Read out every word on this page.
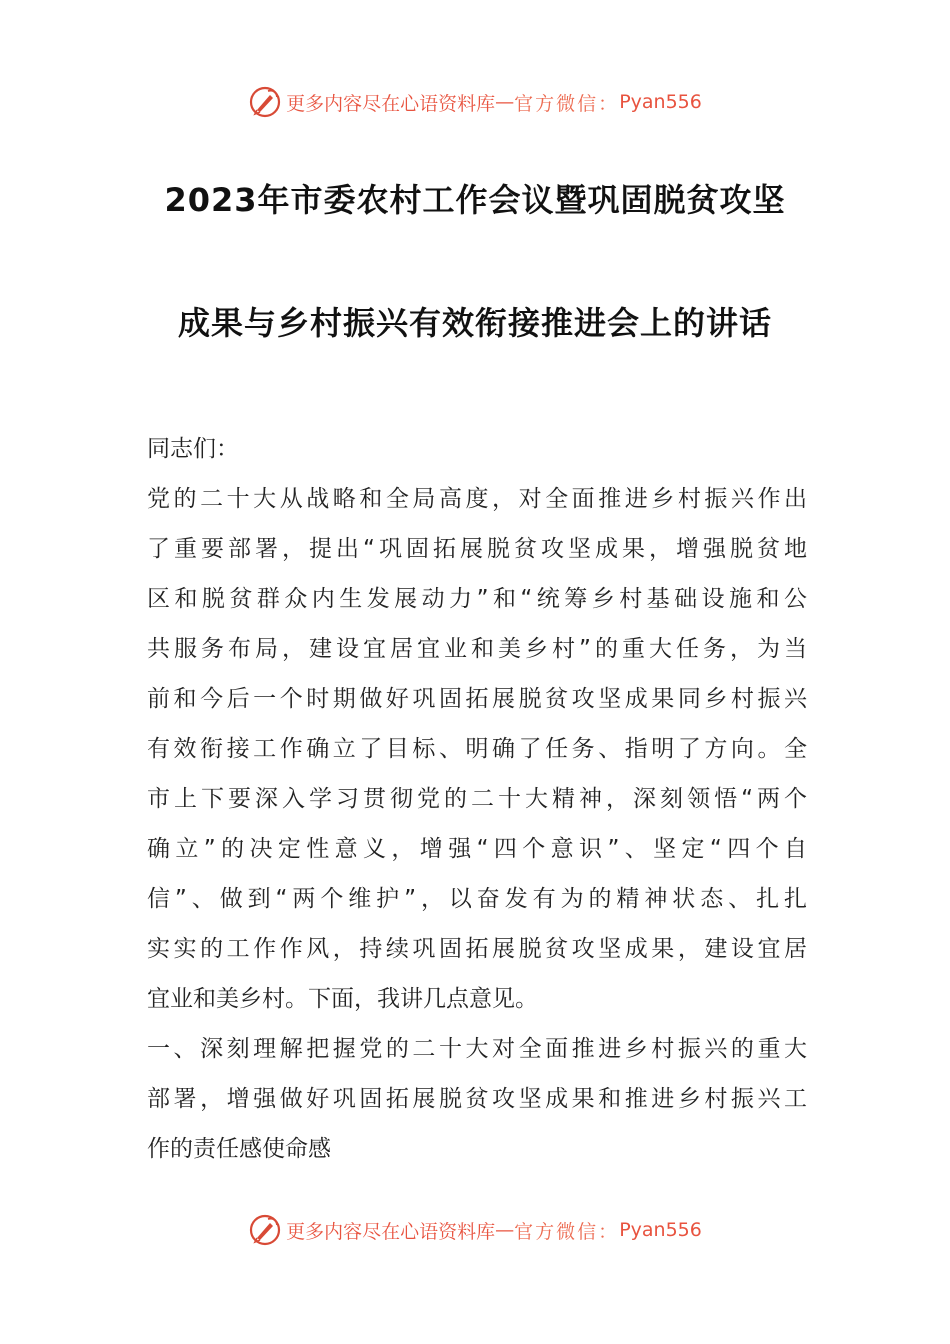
更多内容尽在心语资料库 — 官方微信： Pyan556
2023年市委农村工作会议暨巩固脱贫攻坚
成果与乡村振兴有效衔接推进会上的讲话
同志们：
党的二十大从战略和全局高度，对全面推进乡村振兴作出
了重要部署，提出“巩固拓展脱贫攻坚成果，增强脱贫地
区和脱贫群众内生发展动力”和“统筹乡村基础设施和公
共服务布局，建设宜居宜业和美乡村”的重大任务，为当
前和今后一个时期做好巩固拓展脱贫攻坚成果同乡村振兴
有效衔接工作确立了目标、明确了任务、指明了方向。全
市上下要深入学习贯彻党的二十大精神，深刻领悟“两个
确立”的决定性意义，增强“四个意识”、坚定“四个自
信”、做到“两个维护”，以奋发有为的精神状态、扎扎
实实的工作作风，持续巩固拓展脱贫攻坚成果，建设宜居
宜业和美乡村。下面，我讲几点意见。
一、深刻理解把握党的二十大对全面推进乡村振兴的重大
部署，增强做好巩固拓展脱贫攻坚成果和推进乡村振兴工
作的责任感使命感
更多内容尽在心语资料库 — 官方微信： Pyan556
